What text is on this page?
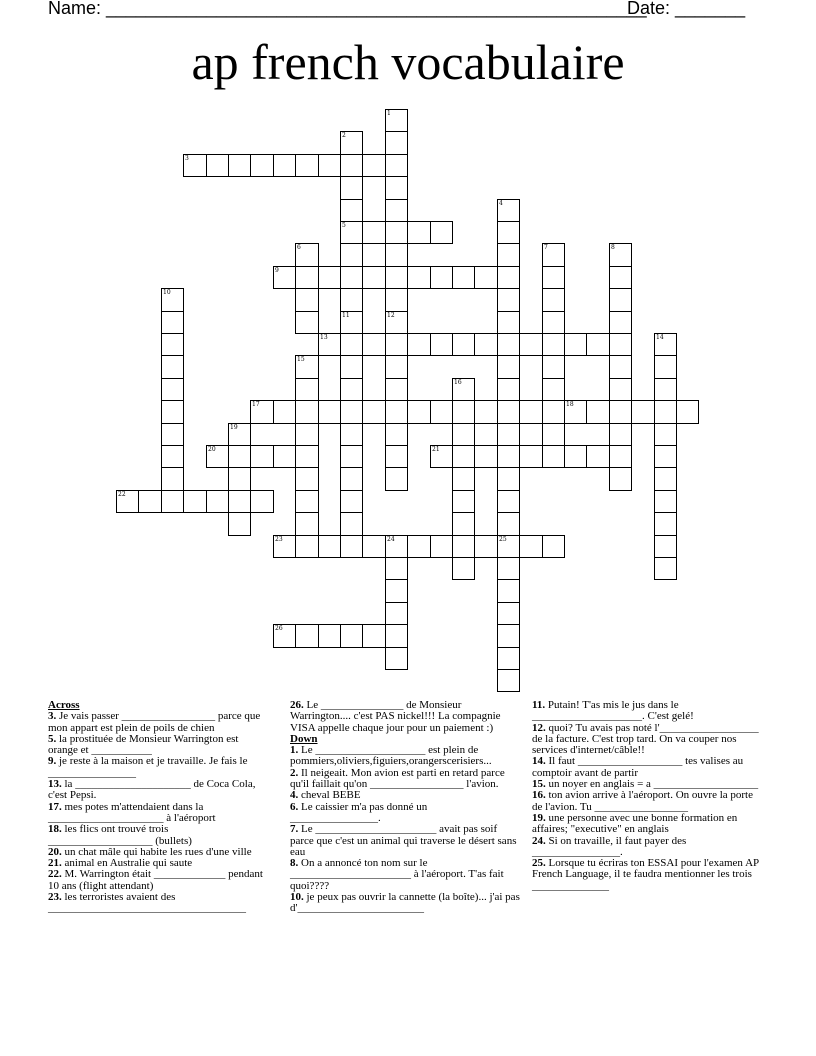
Name: ______________________________________________________
Date: _______
ap french vocabulaire
1
12
2
5
11
3
4
25
6	7	8
9
10
13	14
15
16
17	18
19
20	21
22
23	24
26
Across
3. Je vais passer _________________ parce que mon appart est plein de poils de chien
5. la prostituée de Monsieur Warrington est orange et ___________
9. je reste à la maison et je travaille. Je fais le ________________
13. la _____________________ de Coca Cola, c'est Pepsi.
17. mes potes m'attendaient dans la _____________________ à l'aéroport
18. les flics ont trouvé trois ___________________ (bullets)
20. un chat mâle qui habite les rues d'une ville
21. animal en Australie qui saute
22. M. Warrington était _____________ pendant 10 ans (flight attendant)
23. les terroristes avaient des ____________________________________
26. Le _______________ de Monsieur Warrington.... c'est PAS nickel!!! La compagnie VISA appelle chaque jour pour un paiement :)
Down
1. Le ____________________ est plein de pommiers,oliviers,figuiers,orangerscerisiers...
2. Il neigeait. Mon avion est parti en retard parce qu'il faillait qu'on _________________ l'avion.
4. cheval BEBE
6. Le caissier m'a pas donné un ________________.
7. Le ______________________ avait pas soif parce que c'est un animal qui traverse le désert sans eau
8. On a annoncé ton nom sur le ______________________ à l'aéroport. T'as fait quoi????
10. je peux pas ouvrir la cannette (la boîte)... j'ai pas d'_______________________
11. Putain! T'as mis le jus dans le ____________________. C'est gelé!
12. quoi? Tu avais pas noté l'__________________ de la facture. C'est trop tard. On va couper nos services d'internet/câble!!
14. Il faut ___________________ tes valises au comptoir avant de partir
15. un noyer en anglais = a ___________________
16. ton avion arrive à l'aéroport. On ouvre la porte de l'avion. Tu _________________
19. une personne avec une bonne formation en affaires; "executive" en anglais
24. Si on travaille, il faut payer des ________________.
25. Lorsque tu écriras ton ESSAI pour l'examen AP French Language, il te faudra mentionner les trois ______________
